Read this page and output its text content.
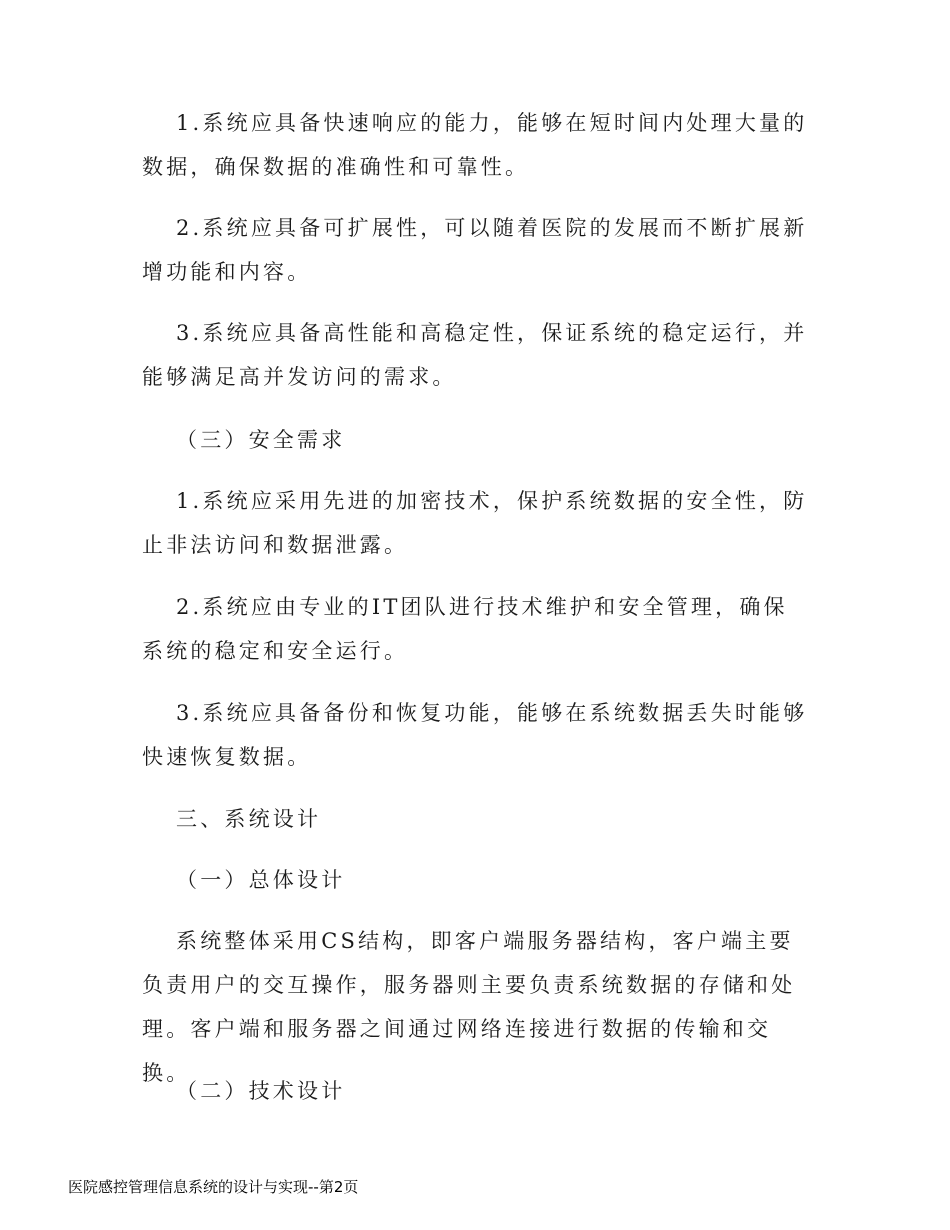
1.系统应具备快速响应的能力，能够在短时间内处理大量的数据，确保数据的准确性和可靠性。

2.系统应具备可扩展性，可以随着医院的发展而不断扩展新增功能和内容。

3.系统应具备高性能和高稳定性，保证系统的稳定运行，并能够满足高并发访问的需求。

（三）安全需求

1.系统应采用先进的加密技术，保护系统数据的安全性，防止非法访问和数据泄露。

2.系统应由专业的IT团队进行技术维护和安全管理，确保系统的稳定和安全运行。

3.系统应具备备份和恢复功能，能够在系统数据丢失时能够快速恢复数据。

三、系统设计

（一）总体设计

系统整体采用CS结构，即客户端服务器结构，客户端主要负责用户的交互操作，服务器则主要负责系统数据的存储和处理。客户端和服务器之间通过网络连接进行数据的传输和交换。

（二）技术设计

医院感控管理信息系统的设计与实现--第2页
